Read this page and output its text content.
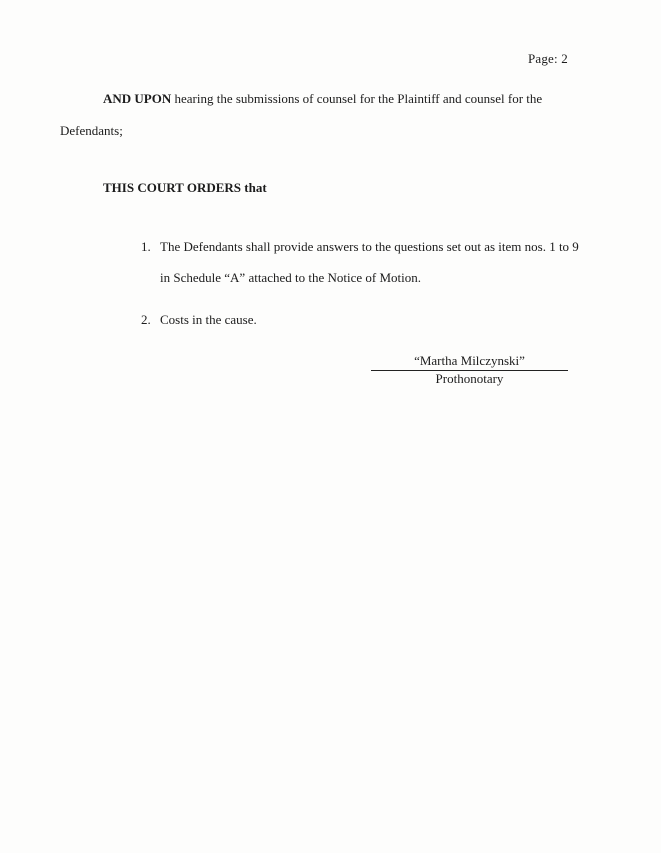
Page: 2
AND UPON hearing the submissions of counsel for the Plaintiff and counsel for the
Defendants;
THIS COURT ORDERS that
1. The Defendants shall provide answers to the questions set out as item nos. 1 to 9
in Schedule “A” attached to the Notice of Motion.
2. Costs in the cause.
“Martha Milczynski”
Prothonotary
